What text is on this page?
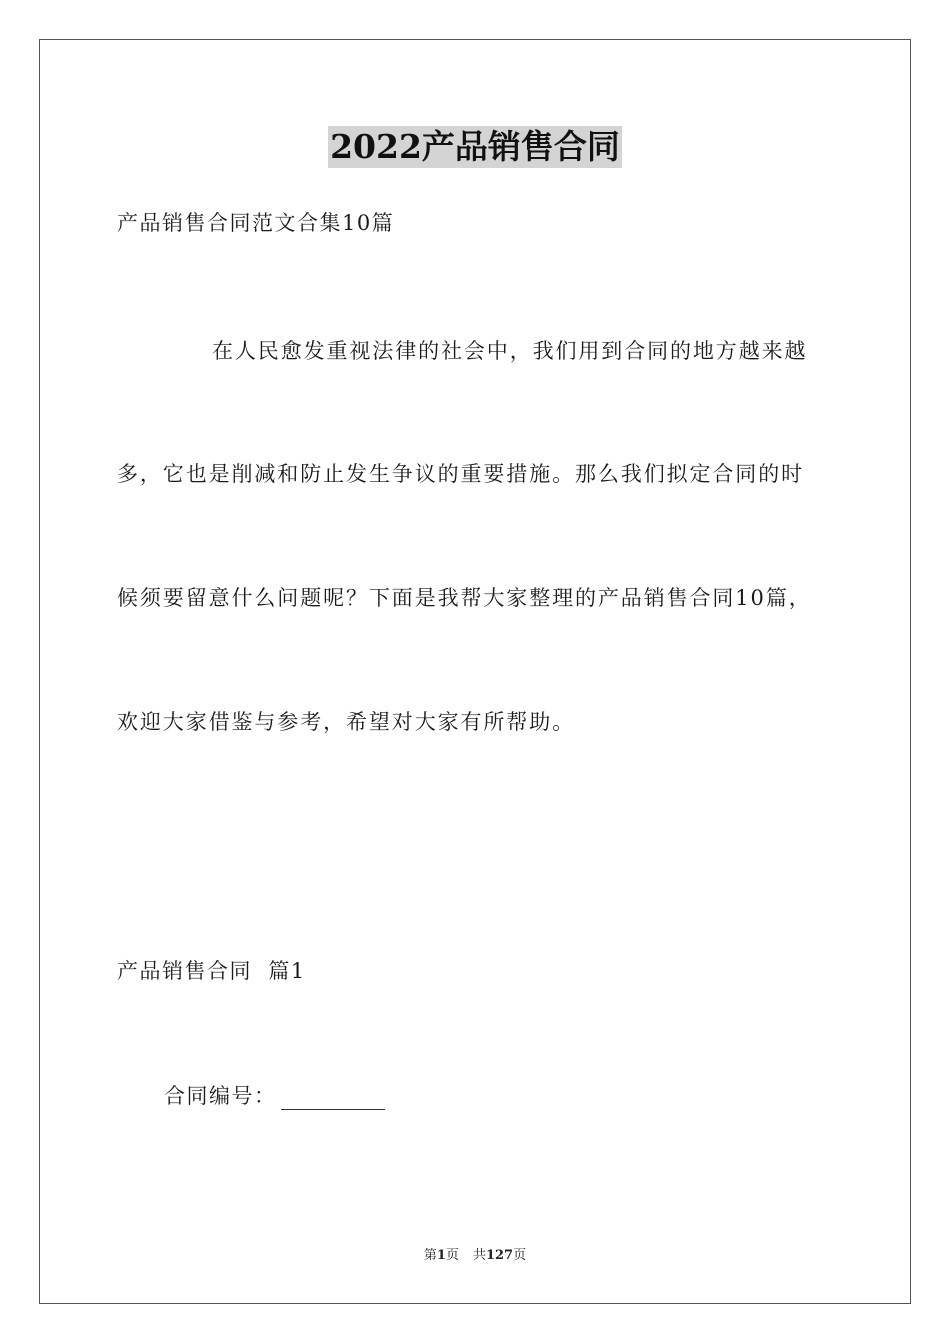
2022产品销售合同
产品销售合同范文合集10篇
在人民愈发重视法律的社会中，我们用到合同的地方越来越
多，它也是削减和防止发生争议的重要措施。那么我们拟定合同的时
候须要留意什么问题呢？下面是我帮大家整理的产品销售合同10篇，
欢迎大家借鉴与参考，希望对大家有所帮助。
产品销售合同  篇1
合同编号：
第1页 共127页
